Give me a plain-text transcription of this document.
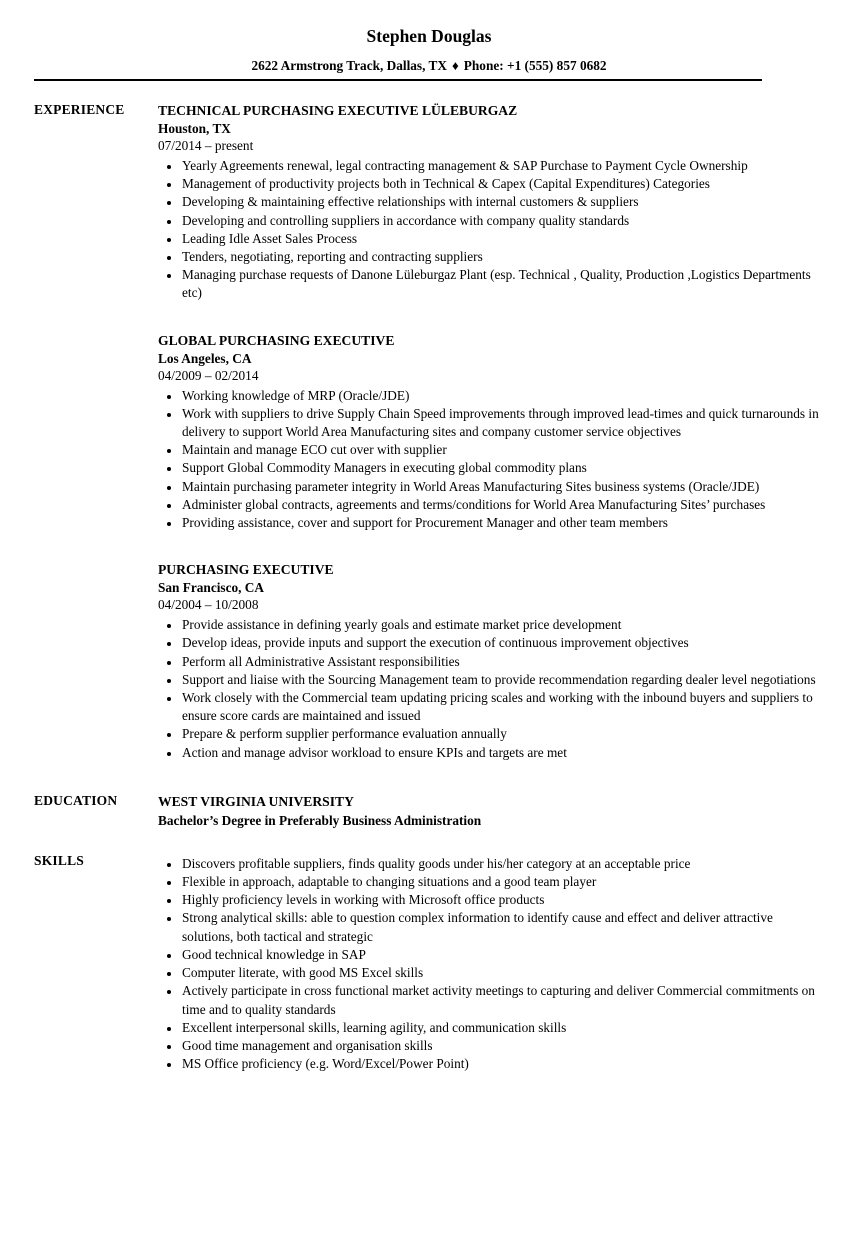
Stephen Douglas
2622 Armstrong Track, Dallas, TX ♦ Phone: +1 (555) 857 0682
EXPERIENCE	TECHNICAL PURCHASING EXECUTIVE LÜLEBURGAZ
Houston, TX
07/2014 – present
• Yearly Agreements renewal, legal contracting management & SAP Purchase to Payment Cycle Ownership
• Management of productivity projects both in Technical & Capex (Capital Expenditures) Categories
• Developing & maintaining effective relationships with internal customers & suppliers
• Developing and controlling suppliers in accordance with company quality standards
• Leading Idle Asset Sales Process
• Tenders, negotiating, reporting and contracting suppliers
• Managing purchase requests of Danone Lüleburgaz Plant (esp. Technical , Quality, Production ,Logistics Departments etc)
GLOBAL PURCHASING EXECUTIVE
Los Angeles, CA
04/2009 – 02/2014
• Working knowledge of MRP (Oracle/JDE)
• Work with suppliers to drive Supply Chain Speed improvements through improved lead-times and quick turnarounds in delivery to support World Area Manufacturing sites and company customer service objectives
• Maintain and manage ECO cut over with supplier
• Support Global Commodity Managers in executing global commodity plans
• Maintain purchasing parameter integrity in World Areas Manufacturing Sites business systems (Oracle/JDE)
• Administer global contracts, agreements and terms/conditions for World Area Manufacturing Sites’ purchases
• Providing assistance, cover and support for Procurement Manager and other team members
PURCHASING EXECUTIVE
San Francisco, CA
04/2004 – 10/2008
• Provide assistance in defining yearly goals and estimate market price development
• Develop ideas, provide inputs and support the execution of continuous improvement objectives
• Perform all Administrative Assistant responsibilities
• Support and liaise with the Sourcing Management team to provide recommendation regarding dealer level negotiations
• Work closely with the Commercial team updating pricing scales and working with the inbound buyers and suppliers to ensure score cards are maintained and issued
• Prepare & perform supplier performance evaluation annually
• Action and manage advisor workload to ensure KPIs and targets are met
EDUCATION	WEST VIRGINIA UNIVERSITY
Bachelor’s Degree in Preferably Business Administration
SKILLS	• Discovers profitable suppliers, finds quality goods under his/her category at an acceptable price
• Flexible in approach, adaptable to changing situations and a good team player
• Highly proficiency levels in working with Microsoft office products
• Strong analytical skills: able to question complex information to identify cause and effect and deliver attractive solutions, both tactical and strategic
• Good technical knowledge in SAP
• Computer literate, with good MS Excel skills
• Actively participate in cross functional market activity meetings to capturing and deliver Commercial commitments on time and to quality standards
• Excellent interpersonal skills, learning agility, and communication skills
• Good time management and organisation skills
• MS Office proficiency (e.g. Word/Excel/Power Point)
